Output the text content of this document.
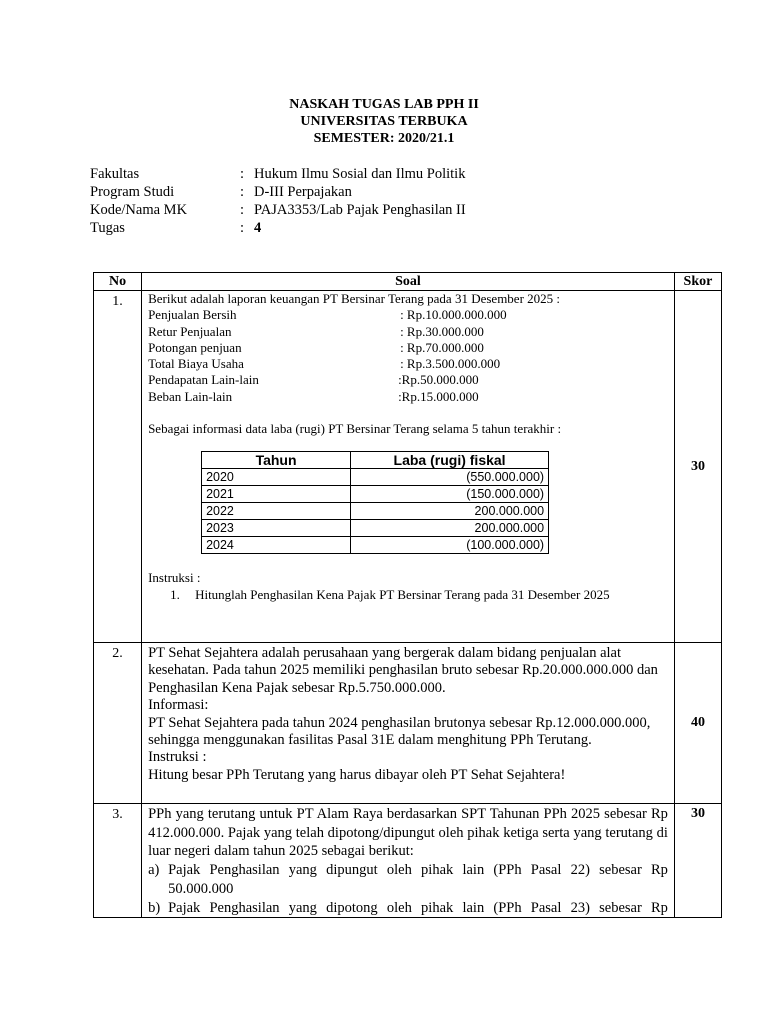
NASKAH TUGAS LAB PPH II
UNIVERSITAS TERBUKA
SEMESTER: 2020/21.1
Fakultas	: Hukum Ilmu Sosial dan Ilmu Politik
Program Studi	: D-III Perpajakan
Kode/Nama MK	: PAJA3353/Lab Pajak Penghasilan II
Tugas	: 4
No	Soal	Skor
1.	Berikut adalah laporan keuangan PT Bersinar Terang pada 31 Desember 2025 :
Penjualan Bersih	: Rp.10.000.000.000
Retur Penjualan	: Rp.30.000.000
Potongan penjuan	: Rp.70.000.000
Total Biaya Usaha	: Rp.3.500.000.000
Pendapatan Lain-lain	:Rp.50.000.000
Beban Lain-lain	:Rp.15.000.000
Sebagai informasi data laba (rugi) PT Bersinar Terang selama 5 tahun terakhir :
Tahun	Laba (rugi) fiskal
2020	(550.000.000)
2021	(150.000.000)
2022	200.000.000
2023	200.000.000
2024	(100.000.000)
Instruksi :
1.	Hitunglah Penghasilan Kena Pajak PT Bersinar Terang pada 31 Desember 2025
	30
2.	PT Sehat Sejahtera adalah perusahaan yang bergerak dalam bidang penjualan alat kesehatan. Pada tahun 2025 memiliki penghasilan bruto sebesar Rp.20.000.000.000 dan Penghasilan Kena Pajak sebesar Rp.5.750.000.000.
Informasi:
PT Sehat Sejahtera pada tahun 2024 penghasilan brutonya sebesar Rp.12.000.000.000, sehingga menggunakan fasilitas Pasal 31E dalam menghitung PPh Terutang.
Instruksi :
Hitung besar PPh Terutang yang harus dibayar oleh PT Sehat Sejahtera!
	40
3.	PPh yang terutang untuk PT Alam Raya berdasarkan SPT Tahunan PPh 2025 sebesar Rp 412.000.000. Pajak yang telah dipotong/dipungut oleh pihak ketiga serta yang terutang di luar negeri dalam tahun 2025 sebagai berikut:
a) Pajak Penghasilan yang dipungut oleh pihak lain (PPh Pasal 22) sebesar Rp 50.000.000
b) Pajak Penghasilan yang dipotong oleh pihak lain (PPh Pasal 23) sebesar Rp
	30
